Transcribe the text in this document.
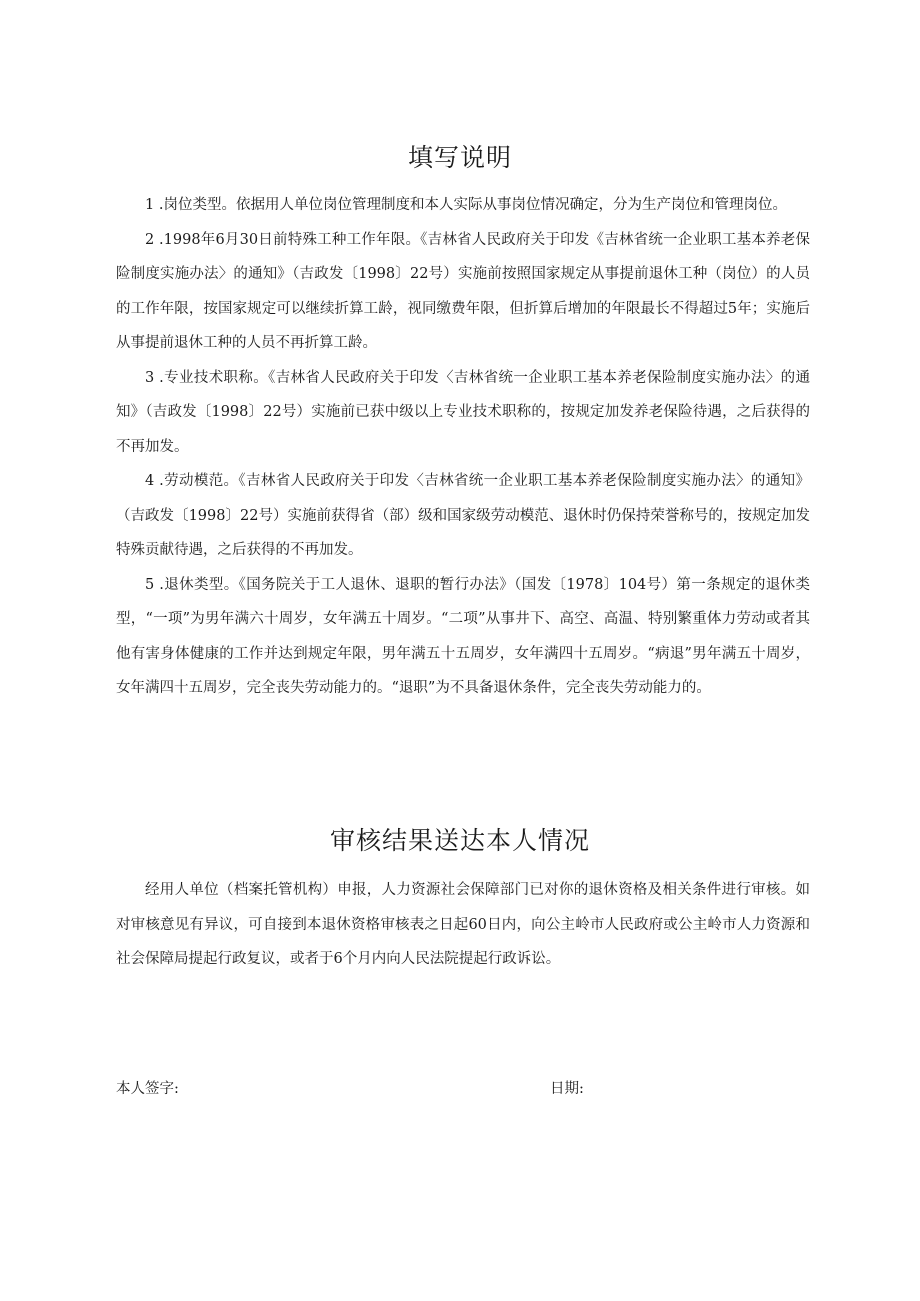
填写说明

1 .岗位类型。依据用人单位岗位管理制度和本人实际从事岗位情况确定，分为生产岗位和管理岗位。

2 .1998年6月30日前特殊工种工作年限。《吉林省人民政府关于印发《吉林省统一企业职工基本养老保险制度实施办法〉的通知》（吉政发〔1998〕22号）实施前按照国家规定从事提前退休工种（岗位）的人员的工作年限，按国家规定可以继续折算工龄，视同缴费年限，但折算后增加的年限最长不得超过5年；实施后从事提前退休工种的人员不再折算工龄。

3 .专业技术职称。《吉林省人民政府关于印发〈吉林省统一企业职工基本养老保险制度实施办法〉的通知》（吉政发〔1998〕22号）实施前已获中级以上专业技术职称的，按规定加发养老保险待遇，之后获得的不再加发。

4 .劳动模范。《吉林省人民政府关于印发〈吉林省统一企业职工基本养老保险制度实施办法〉的通知》（吉政发〔1998〕22号）实施前获得省（部）级和国家级劳动模范、退休时仍保持荣誉称号的，按规定加发特殊贡献待遇，之后获得的不再加发。

5 .退休类型。《国务院关于工人退休、退职的暂行办法》（国发〔1978〕104号）第一条规定的退休类型，“一项”为男年满六十周岁，女年满五十周岁。“二项”从事井下、高空、高温、特别繁重体力劳动或者其他有害身体健康的工作并达到规定年限，男年满五十五周岁，女年满四十五周岁。“病退”男年满五十周岁，女年满四十五周岁，完全丧失劳动能力的。“退职”为不具备退休条件，完全丧失劳动能力的。

审核结果送达本人情况

经用人单位（档案托管机构）申报，人力资源社会保障部门已对你的退休资格及相关条件进行审核。如对审核意见有异议，可自接到本退休资格审核表之日起60日内，向公主岭市人民政府或公主岭市人力资源和社会保障局提起行政复议，或者于6个月内向人民法院提起行政诉讼。

本人签字:	日期:
